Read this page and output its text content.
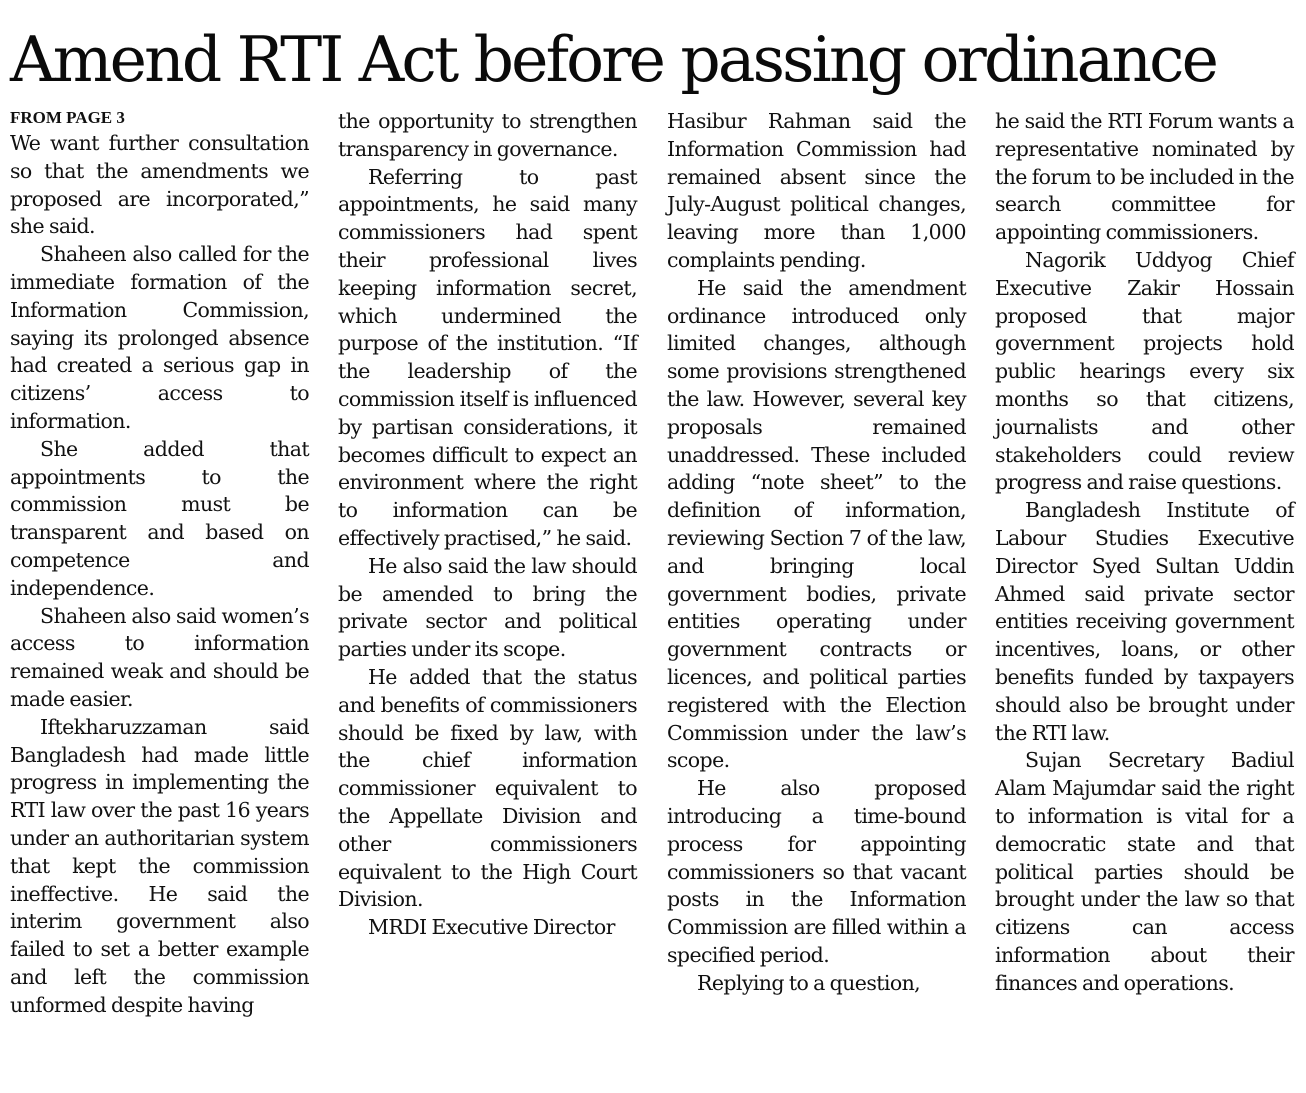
Amend RTI Act before passing ordinance
FROM PAGE 3

We want further consultation so that the amendments we proposed are incorporated,” she said.

Shaheen also called for the immediate formation of the Information Commission, saying its prolonged absence had created a serious gap in citizens’ access to information.

She added that appointments to the commission must be transparent and based on competence and independence.

Shaheen also said women’s access to information remained weak and should be made easier.

Iftekharuzzaman said Bangladesh had made little progress in implementing the RTI law over the past 16 years under an authoritarian system that kept the commission ineffective. He said the interim government also failed to set a better example and left the commission unformed despite having

the opportunity to strengthen transparency in governance.

Referring to past appointments, he said many commissioners had spent their professional lives keeping information secret, which undermined the purpose of the institution. “If the leadership of the commission itself is influenced by partisan considerations, it becomes difficult to expect an environment where the right to information can be effectively practised,” he said.

He also said the law should be amended to bring the private sector and political parties under its scope.

He added that the status and benefits of commissioners should be fixed by law, with the chief information commissioner equivalent to the Appellate Division and other commissioners equivalent to the High Court Division.

MRDI Executive Director

Hasibur Rahman said the Information Commission had remained absent since the July-August political changes, leaving more than 1,000 complaints pending.

He said the amendment ordinance introduced only limited changes, although some provisions strengthened the law. However, several key proposals remained unaddressed. These included adding “note sheet” to the definition of information, reviewing Section 7 of the law, and bringing local government bodies, private entities operating under government contracts or licences, and political parties registered with the Election Commission under the law’s scope.

He also proposed introducing a time-bound process for appointing commissioners so that vacant posts in the Information Commission are filled within a specified period.

Replying to a question,

he said the RTI Forum wants a representative nominated by the forum to be included in the search committee for appointing commissioners.

Nagorik Uddyog Chief Executive Zakir Hossain proposed that major government projects hold public hearings every six months so that citizens, journalists and other stakeholders could review progress and raise questions.

Bangladesh Institute of Labour Studies Executive Director Syed Sultan Uddin Ahmed said private sector entities receiving government incentives, loans, or other benefits funded by taxpayers should also be brought under the RTI law.

Sujan Secretary Badiul Alam Majumdar said the right to information is vital for a democratic state and that political parties should be brought under the law so that citizens can access information about their finances and operations.
